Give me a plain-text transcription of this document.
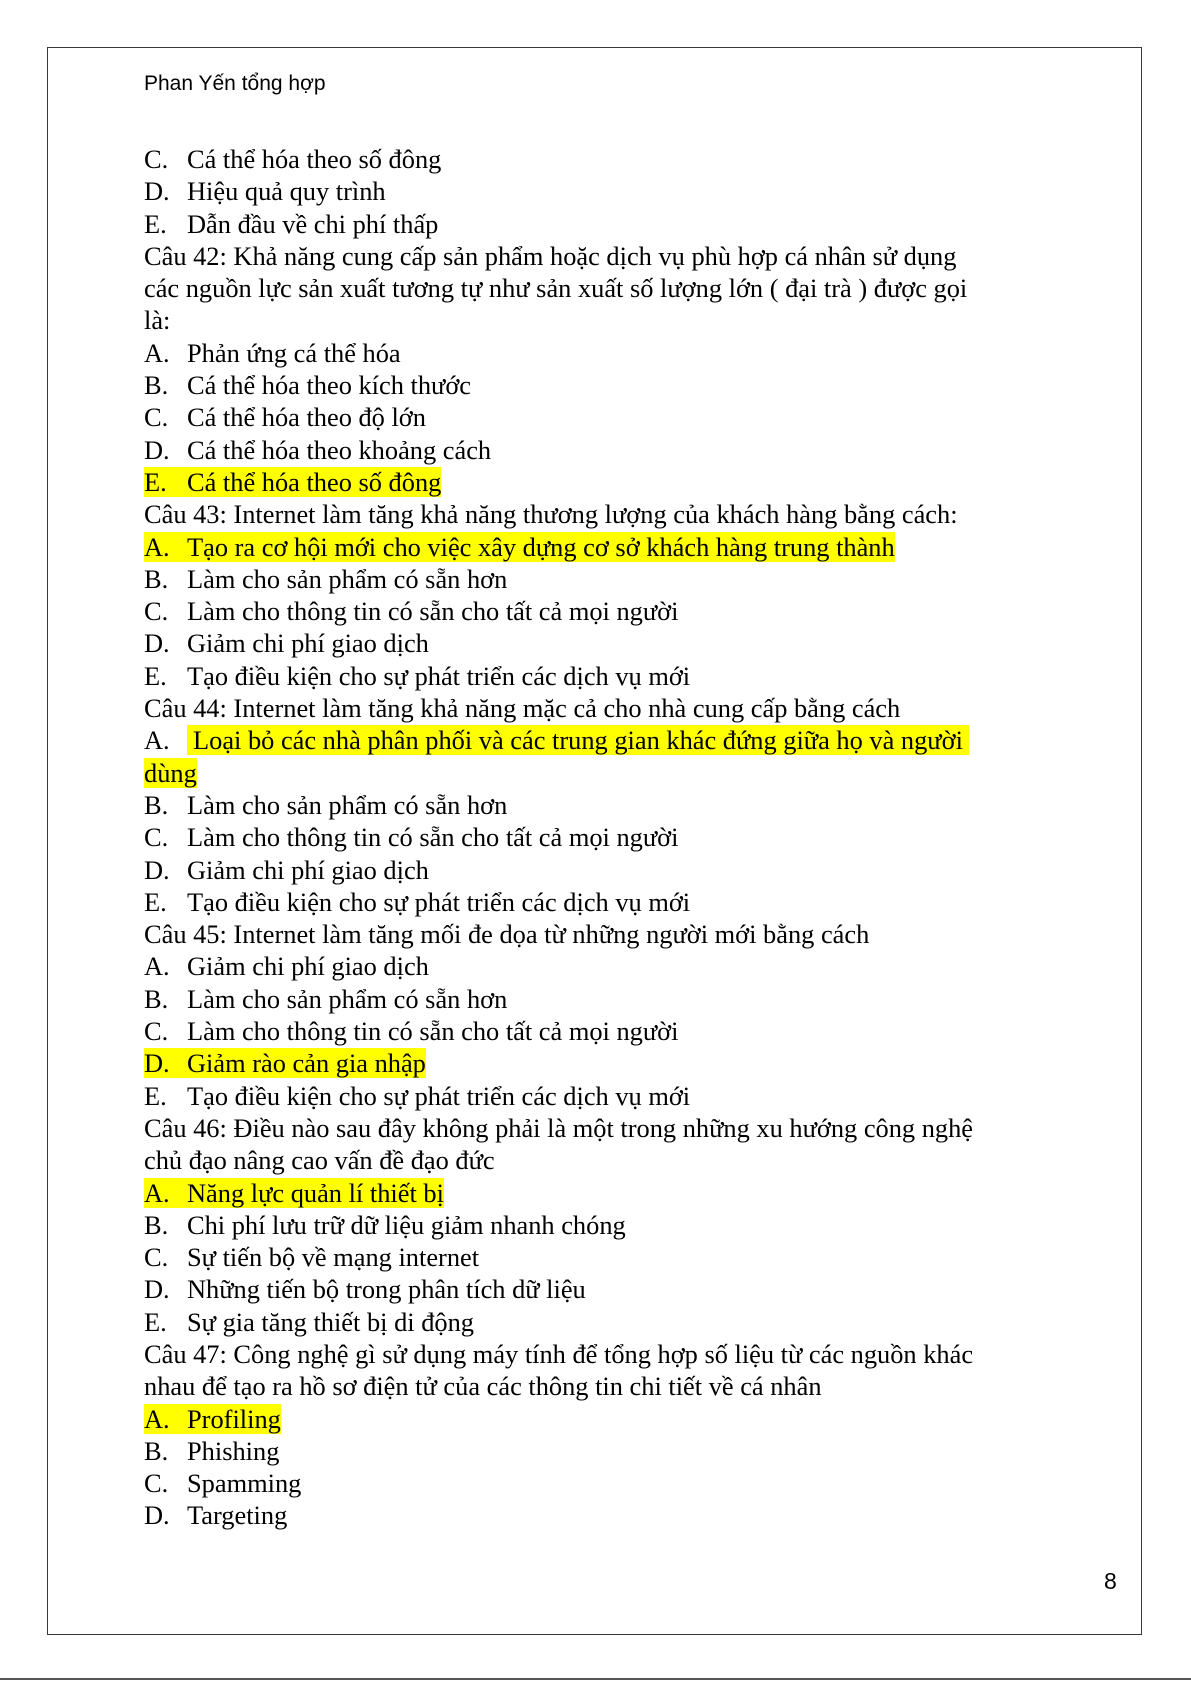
Phan Yến tổng hợp
C. Cá thể hóa theo số đông
D. Hiệu quả quy trình
E. Dẫn đầu về chi phí thấp
Câu 42: Khả năng cung cấp sản phẩm hoặc dịch vụ phù hợp cá nhân sử dụng
các nguồn lực sản xuất tương tự như sản xuất số lượng lớn ( đại trà ) được gọi
là:
A. Phản ứng cá thể hóa
B. Cá thể hóa theo kích thước
C. Cá thể hóa theo độ lớn
D. Cá thể hóa theo khoảng cách
E. Cá thể hóa theo số đông
Câu 43: Internet làm tăng khả năng thương lượng của khách hàng bằng cách:
A. Tạo ra cơ hội mới cho việc xây dựng cơ sở khách hàng trung thành
B. Làm cho sản phẩm có sẵn hơn
C. Làm cho thông tin có sẵn cho tất cả mọi người
D. Giảm chi phí giao dịch
E. Tạo điều kiện cho sự phát triển các dịch vụ mới
Câu 44: Internet làm tăng khả năng mặc cả cho nhà cung cấp bằng cách
A. Loại bỏ các nhà phân phối và các trung gian khác đứng giữa họ và người
dùng
B. Làm cho sản phẩm có sẵn hơn
C. Làm cho thông tin có sẵn cho tất cả mọi người
D. Giảm chi phí giao dịch
E. Tạo điều kiện cho sự phát triển các dịch vụ mới
Câu 45: Internet làm tăng mối đe dọa từ những người mới bằng cách
A. Giảm chi phí giao dịch
B. Làm cho sản phẩm có sẵn hơn
C. Làm cho thông tin có sẵn cho tất cả mọi người
D. Giảm rào cản gia nhập
E. Tạo điều kiện cho sự phát triển các dịch vụ mới
Câu 46: Điều nào sau đây không phải là một trong những xu hướng công nghệ
chủ đạo nâng cao vấn đề đạo đức
A. Năng lực quản lí thiết bị
B. Chi phí lưu trữ dữ liệu giảm nhanh chóng
C. Sự tiến bộ về mạng internet
D. Những tiến bộ trong phân tích dữ liệu
E. Sự gia tăng thiết bị di động
Câu 47: Công nghệ gì sử dụng máy tính để tổng hợp số liệu từ các nguồn khác
nhau để tạo ra hồ sơ điện tử của các thông tin chi tiết về cá nhân
A. Profiling
B. Phishing
C. Spamming
D. Targeting
8
